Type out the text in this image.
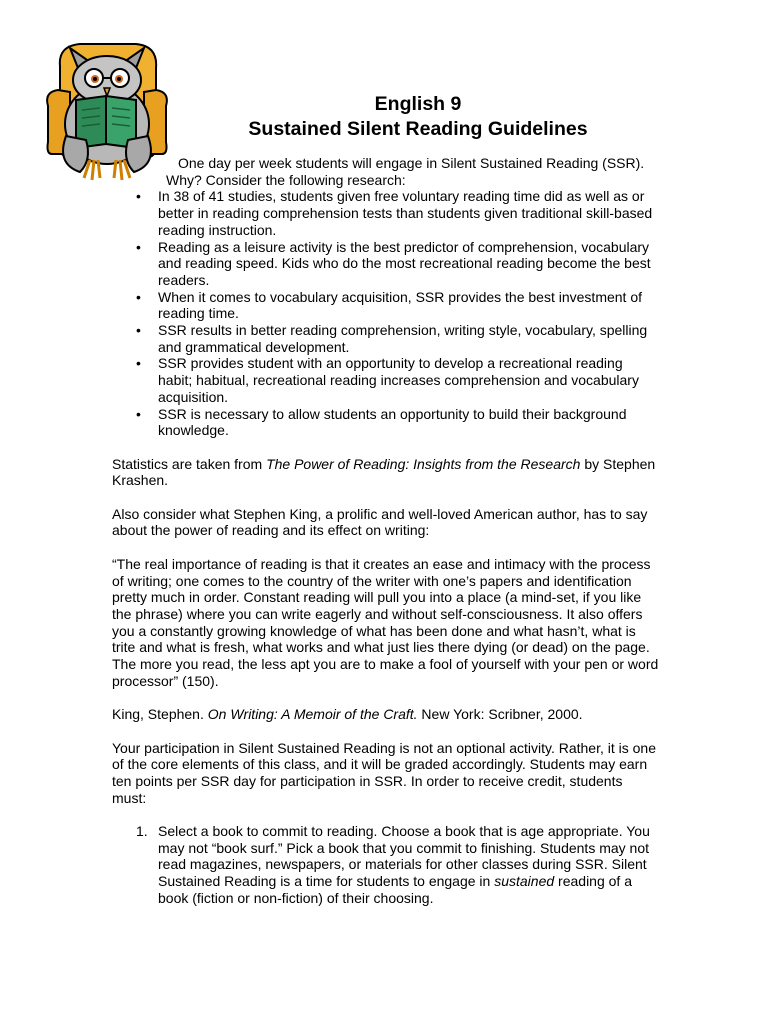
English 9
Sustained Silent Reading Guidelines

One day per week students will engage in Silent Sustained Reading (SSR).

Why? Consider the following research:

• In 38 of 41 studies, students given free voluntary reading time did as well as or better in reading comprehension tests than students given traditional skill-based reading instruction.
• Reading as a leisure activity is the best predictor of comprehension, vocabulary and reading speed. Kids who do the most recreational reading become the best readers.
• When it comes to vocabulary acquisition, SSR provides the best investment of reading time.
• SSR results in better reading comprehension, writing style, vocabulary, spelling and grammatical development.
• SSR provides student with an opportunity to develop a recreational reading habit; habitual, recreational reading increases comprehension and vocabulary acquisition.
• SSR is necessary to allow students an opportunity to build their background knowledge.

Statistics are taken from The Power of Reading: Insights from the Research by Stephen Krashen.

Also consider what Stephen King, a prolific and well-loved American author, has to say about the power of reading and its effect on writing:

“The real importance of reading is that it creates an ease and intimacy with the process of writing; one comes to the country of the writer with one’s papers and identification pretty much in order. Constant reading will pull you into a place (a mind-set, if you like the phrase) where you can write eagerly and without self-consciousness. It also offers you a constantly growing knowledge of what has been done and what hasn’t, what is trite and what is fresh, what works and what just lies there dying (or dead) on the page. The more you read, the less apt you are to make a fool of yourself with your pen or word processor” (150).

King, Stephen. On Writing: A Memoir of the Craft. New York: Scribner, 2000.

Your participation in Silent Sustained Reading is not an optional activity. Rather, it is one of the core elements of this class, and it will be graded accordingly. Students may earn ten points per SSR day for participation in SSR. In order to receive credit, students must:

1. Select a book to commit to reading. Choose a book that is age appropriate. You may not “book surf.” Pick a book that you commit to finishing. Students may not read magazines, newspapers, or materials for other classes during SSR. Silent Sustained Reading is a time for students to engage in sustained reading of a book (fiction or non-fiction) of their choosing.
